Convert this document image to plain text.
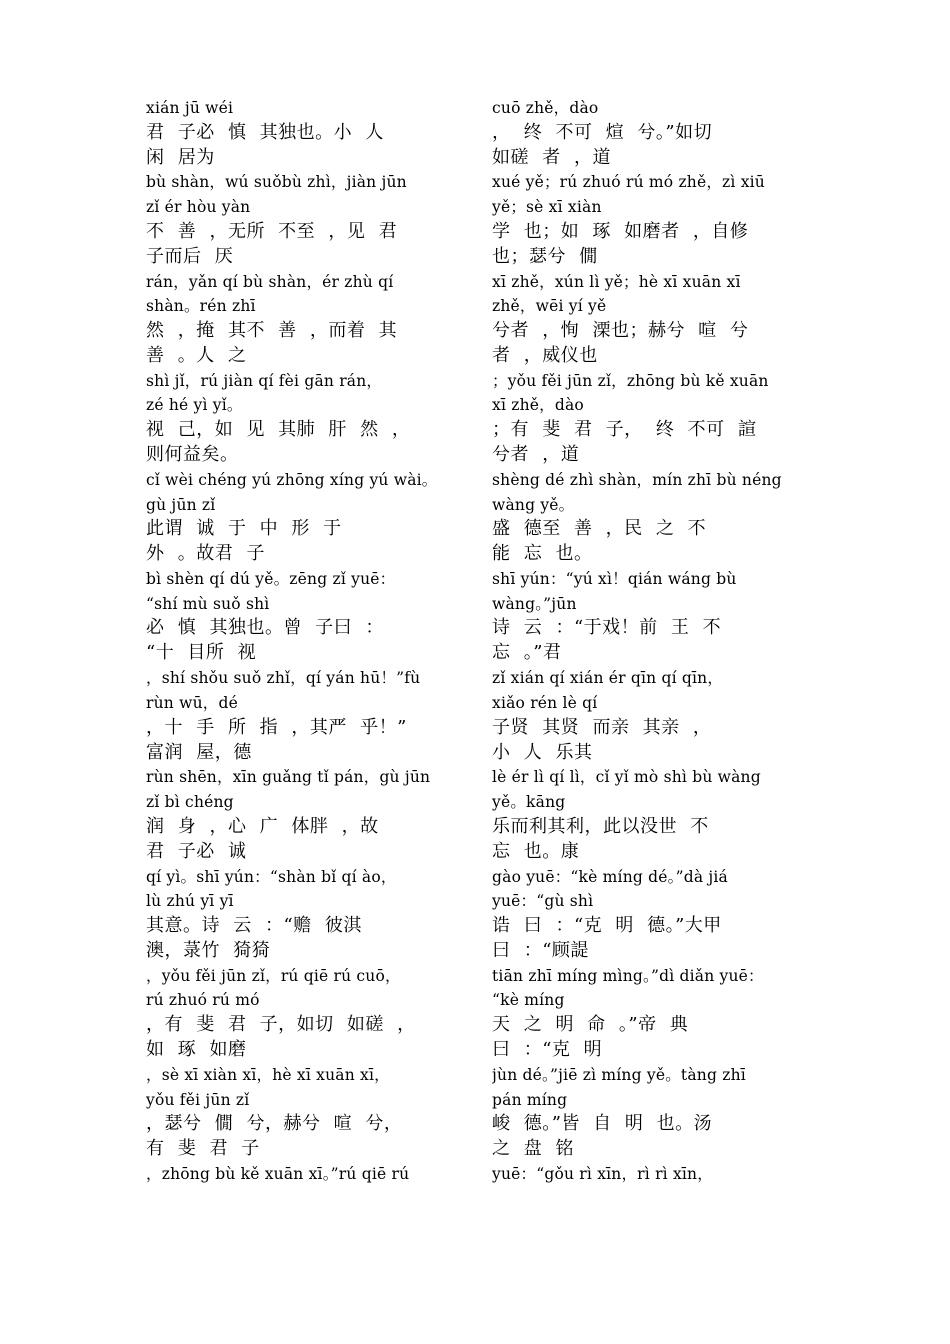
xián jū wéi
君 子必 慎 其独也。小 人
闲 居为
bù shàn，wú suǒbù zhì，jiàn jūn
zǐ ér hòu yàn
不 善 ，无所 不至 ，见 君
子而后 厌
rán，yǎn qí bù shàn，ér zhù qí
shàn。rén zhī
然 ，掩 其不 善 ，而着 其
善 。人 之
shì jǐ，rú jiàn qí fèi gān rán，
zé hé yì yǐ。
视 己，如 见 其肺 肝 然 ，
则何益矣。
cǐ wèi chéng yú zhōng xíng yú wài。
gù jūn zǐ
此谓 诚 于 中 形 于
外 。故君 子
bì shèn qí dú yě。zēng zǐ yuē：
“shí mù suǒ shì
必 慎 其独也。曾 子曰 ：
“十 目所 视
，shí shǒu suǒ zhǐ，qí yán hū！”fù
rùn wū，dé
，十 手 所 指 ，其严 乎！”
富润 屋，德
rùn shēn，xīn guǎng tǐ pán，gù jūn
zǐ bì chéng
润 身 ，心 广 体胖 ，故
君 子必 诚
qí yì。shī yún：“shàn bǐ qí ào，
lù zhú yī yī
其意。诗 云 ：“赡 彼淇
澳，菉竹 猗猗
，yǒu fěi jūn zǐ，rú qiē rú cuō，
rú zhuó rú mó
，有 斐 君 子，如切 如磋 ，
如 琢 如磨
，sè xī xiàn xī，hè xī xuān xī，
yǒu fěi jūn zǐ
，瑟兮 僩 兮，赫兮 喧 兮，
有 斐 君 子
，zhōng bù kě xuān xī。”rú qiē rú
cuō zhě，dào
， 终 不可 煊 兮。”如切
如磋 者 ，道
xué yě；rú zhuó rú mó zhě，zì xiū
yě；sè xī xiàn
学 也；如 琢 如磨者 ，自修
也；瑟兮 僩
xī zhě，xún lì yě；hè xī xuān xī
zhě，wēi yí yě
兮者 ，恂 溧也；赫兮 喧 兮
者 ，威仪也
；yǒu fěi jūn zǐ，zhōng bù kě xuān
xī zhě，dào
；有 斐 君 子， 终 不可 諠
兮者 ，道
shèng dé zhì shàn，mín zhī bù néng
wàng yě。
盛 德至 善 ，民 之 不
能 忘 也。
shī yún：“yú xì！qián wáng bù
wàng。”jūn
诗 云 ：“于戏！前 王 不
忘 。”君
zǐ xián qí xián ér qīn qí qīn，
xiǎo rén lè qí
子贤 其贤 而亲 其亲 ，
小 人 乐其
lè ér lì qí lì，cǐ yǐ mò shì bù wàng
yě。kāng
乐而利其利，此以没世 不
忘 也。康
gào yuē：“kè míng dé。”dà jiá
yuē：“gù shì
诰 曰 ：“克 明 德。”大甲
曰 ：“顾諟
tiān zhī míng mìng。”dì diǎn yuē：
“kè míng
天 之 明 命 。”帝 典
曰 ：“克 明
jùn dé。”jiē zì míng yě。tàng zhī
pán míng
峻 德。”皆 自 明 也。汤
之 盘 铭
yuē：“gǒu rì xīn，rì rì xīn，
